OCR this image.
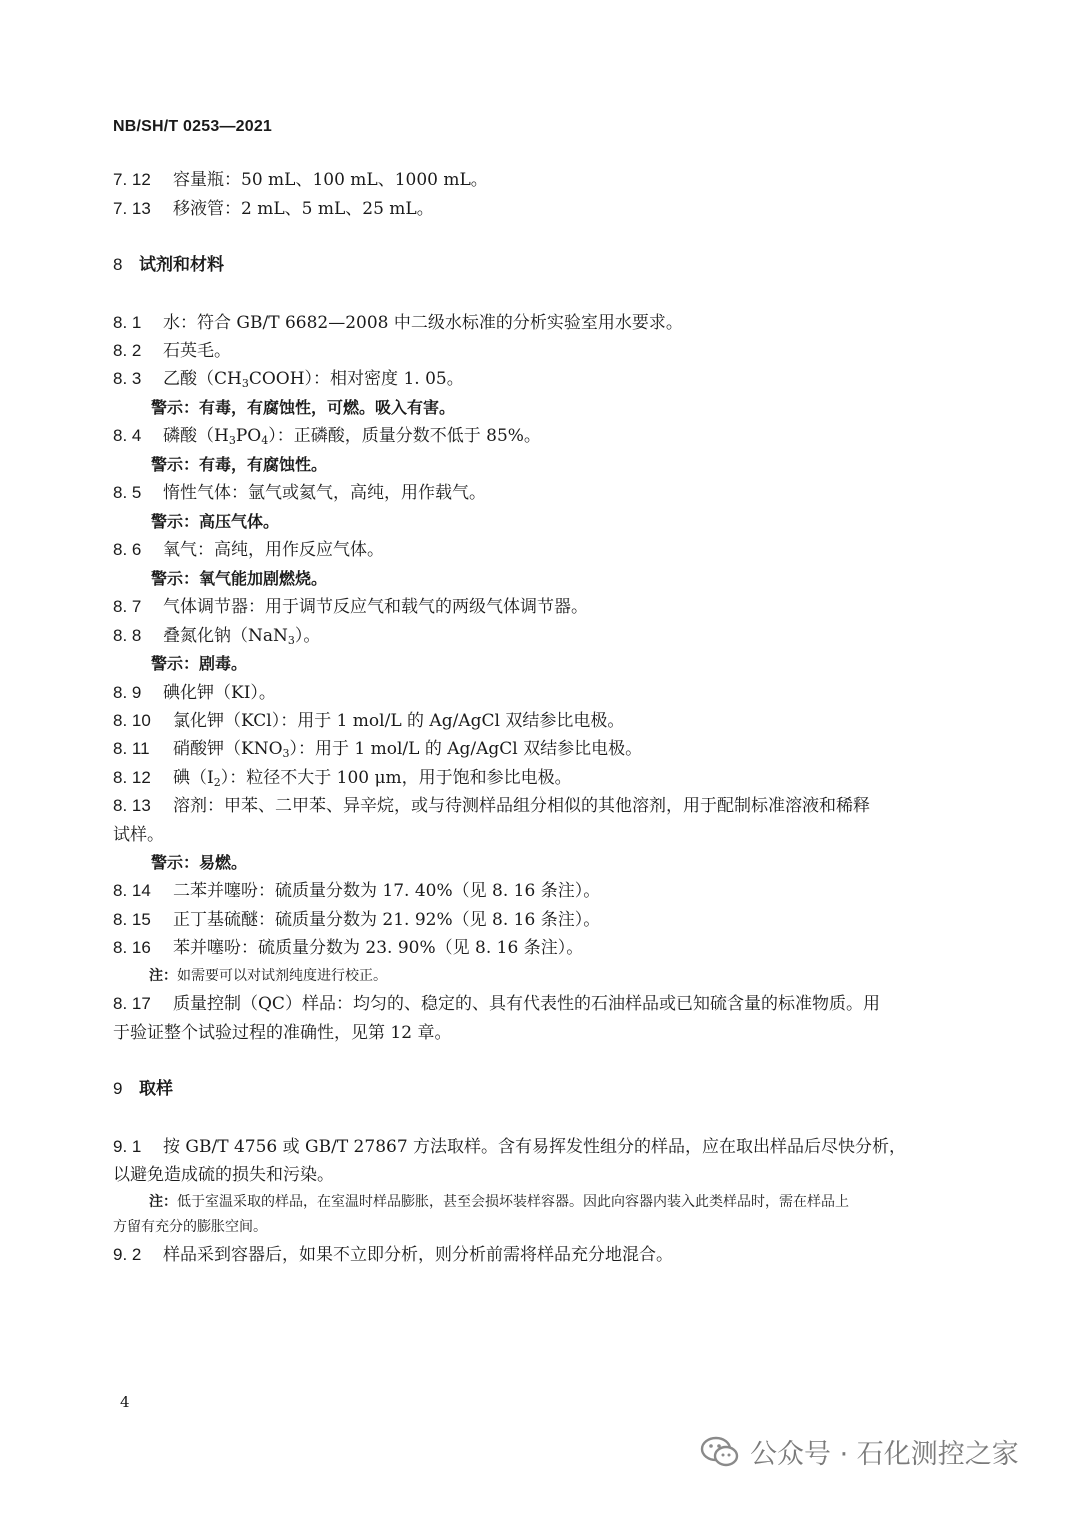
NB/SH/T 0253—2021
7. 12 容量瓶：50 mL、100 mL、1000 mL。
7. 13 移液管：2 mL、5 mL、25 mL。
8 试剂和材料
8. 1 水：符合 GB/T 6682—2008 中二级水标准的分析实验室用水要求。
8. 2 石英毛。
8. 3 乙酸$(CH_3COOH)$：相对密度 1. 05。
警示：有毒，有腐蚀性，可燃。吸入有害。
8. 4 磷酸$(H_3PO_4)$：正磷酸，质量分数不低于 85%。
警示：有毒，有腐蚀性。
8. 5 惰性气体：氩气或氦气，高纯，用作载气。
警示：高压气体。
8. 6 氧气：高纯，用作反应气体。
警示：氧气能加剧燃烧。
8. 7 气体调节器：用于调节反应气和载气的两级气体调节器。
8. 8 叠氮化钠（NaN$_3$）。
警示：剧毒。
8. 9 碘化钾（KI）。
8. 10 氯化钾（KCl）：用于 1 mol/L 的 Ag/AgCl 双结参比电极。
8. 11 硝酸钾$(KNO_3)$：用于 1 mol/L 的 Ag/AgCl 双结参比电极。
8. 12 碘$(I_2)$：粒径不大于 100 μm，用于饱和参比电极。
8. 13 溶剂：甲苯、二甲苯、异辛烷，或与待测样品组分相似的其他溶剂，用于配制标准溶液和稀释
试样。
警示：易燃。
8. 14 二苯并噻吩：硫质量分数为 17. 40%（见 8. 16 条注）。
8. 15 正丁基硫醚：硫质量分数为 21. 92%（见 8. 16 条注）。
8. 16 苯并噻吩：硫质量分数为 23. 90%（见 8. 16 条注）。
注：如需要可以对试剂纯度进行校正。
8. 17 质量控制（QC）样品：均匀的、稳定的、具有代表性的石油样品或已知硫含量的标准物质。用
于验证整个试验过程的准确性，见第 12 章。
9 取样
9. 1 按 GB/T 4756 或 GB/T 27867 方法取样。含有易挥发性组分的样品，应在取出样品后尽快分析，
以避免造成硫的损失和污染。
注：低于室温采取的样品，在室温时样品膨胀，甚至会损坏装样容器。因此向容器内装入此类样品时，需在样品上
方留有充分的膨胀空间。
9. 2 样品采到容器后，如果不立即分析，则分析前需将样品充分地混合。
4
公众号 · 石化测控之家
